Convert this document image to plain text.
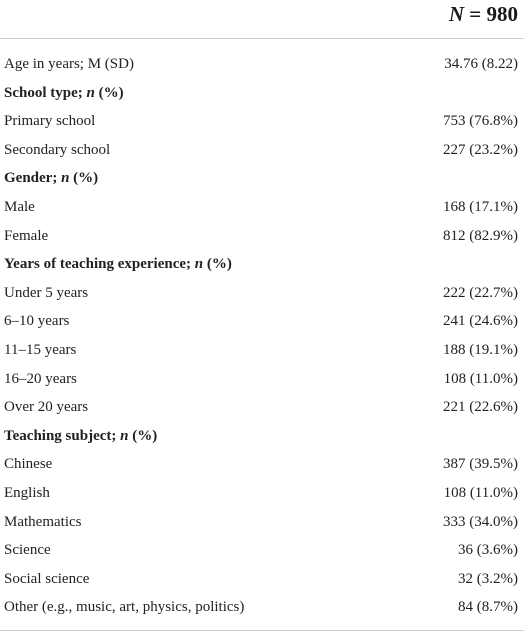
N = 980
Age in years; M (SD)	34.76 (8.22)
School type; n (%)
Primary school	753 (76.8%)
Secondary school	227 (23.2%)
Gender; n (%)
Male	168 (17.1%)
Female	812 (82.9%)
Years of teaching experience; n (%)
Under 5 years	222 (22.7%)
6–10 years	241 (24.6%)
11–15 years	188 (19.1%)
16–20 years	108 (11.0%)
Over 20 years	221 (22.6%)
Teaching subject; n (%)
Chinese	387 (39.5%)
English	108 (11.0%)
Mathematics	333 (34.0%)
Science	36 (3.6%)
Social science	32 (3.2%)
Other (e.g., music, art, physics, politics)	84 (8.7%)
